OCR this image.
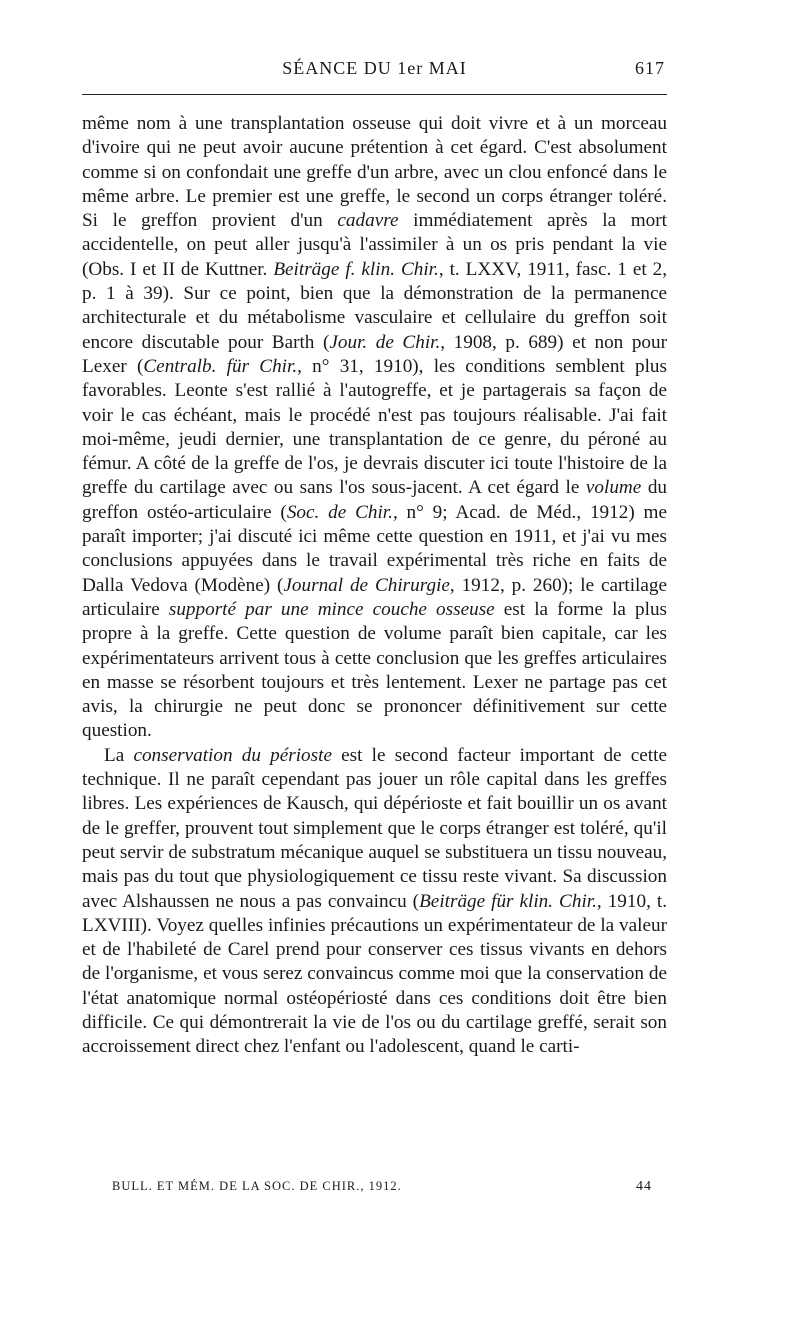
SÉANCE DU 1er MAI	617

même nom à une transplantation osseuse qui doit vivre et à un morceau d'ivoire qui ne peut avoir aucune prétention à cet égard. C'est absolument comme si on confondait une greffe d'un arbre, avec un clou enfoncé dans le même arbre. Le premier est une greffe, le second un corps étranger toléré. Si le greffon provient d'un cadavre immédiatement après la mort accidentelle, on peut aller jusqu'à l'assimiler à un os pris pendant la vie (Obs. I et II de Kuttner. Beiträge f. klin. Chir., t. LXXV, 1911, fasc. 1 et 2, p. 1 à 39). Sur ce point, bien que la démonstration de la permanence architecturale et du métabolisme vasculaire et cellulaire du greffon soit encore discutable pour Barth (Jour. de Chir., 1908, p. 689) et non pour Lexer (Centralb. für Chir., n° 31, 1910), les conditions semblent plus favorables. Leonte s'est rallié à l'autogreffe, et je partagerais sa façon de voir le cas échéant, mais le procédé n'est pas toujours réalisable. J'ai fait moi-même, jeudi dernier, une transplantation de ce genre, du péroné au fémur. A côté de la greffe de l'os, je devrais discuter ici toute l'histoire de la greffe du cartilage avec ou sans l'os sous-jacent. A cet égard le volume du greffon ostéo-articulaire (Soc. de Chir., n° 9; Acad. de Méd., 1912) me paraît importer; j'ai discuté ici même cette question en 1911, et j'ai vu mes conclusions appuyées dans le travail expérimental très riche en faits de Dalla Vedova (Modène) (Journal de Chirurgie, 1912, p. 260); le cartilage articulaire supporté par une mince couche osseuse est la forme la plus propre à la greffe. Cette question de volume paraît bien capitale, car les expérimentateurs arrivent tous à cette conclusion que les greffes articulaires en masse se résorbent toujours et très lentement. Lexer ne partage pas cet avis, la chirurgie ne peut donc se prononcer définitivement sur cette question.

La conservation du périoste est le second facteur important de cette technique. Il ne paraît cependant pas jouer un rôle capital dans les greffes libres. Les expériences de Kausch, qui dépérioste et fait bouillir un os avant de le greffer, prouvent tout simplement que le corps étranger est toléré, qu'il peut servir de substratum mécanique auquel se substituera un tissu nouveau, mais pas du tout que physiologiquement ce tissu reste vivant. Sa discussion avec Alshaussen ne nous a pas convaincu (Beiträge für klin. Chir., 1910, t. LXVIII). Voyez quelles infinies précautions un expérimentateur de la valeur et de l'habileté de Carel prend pour conserver ces tissus vivants en dehors de l'organisme, et vous serez convaincus comme moi que la conservation de l'état anatomique normal ostéopériosté dans ces conditions doit être bien difficile. Ce qui démontrerait la vie de l'os ou du cartilage greffé, serait son accroissement direct chez l'enfant ou l'adolescent, quand le carti-

BULL. ET MÉM. DE LA SOC. DE CHIR., 1912.	44
